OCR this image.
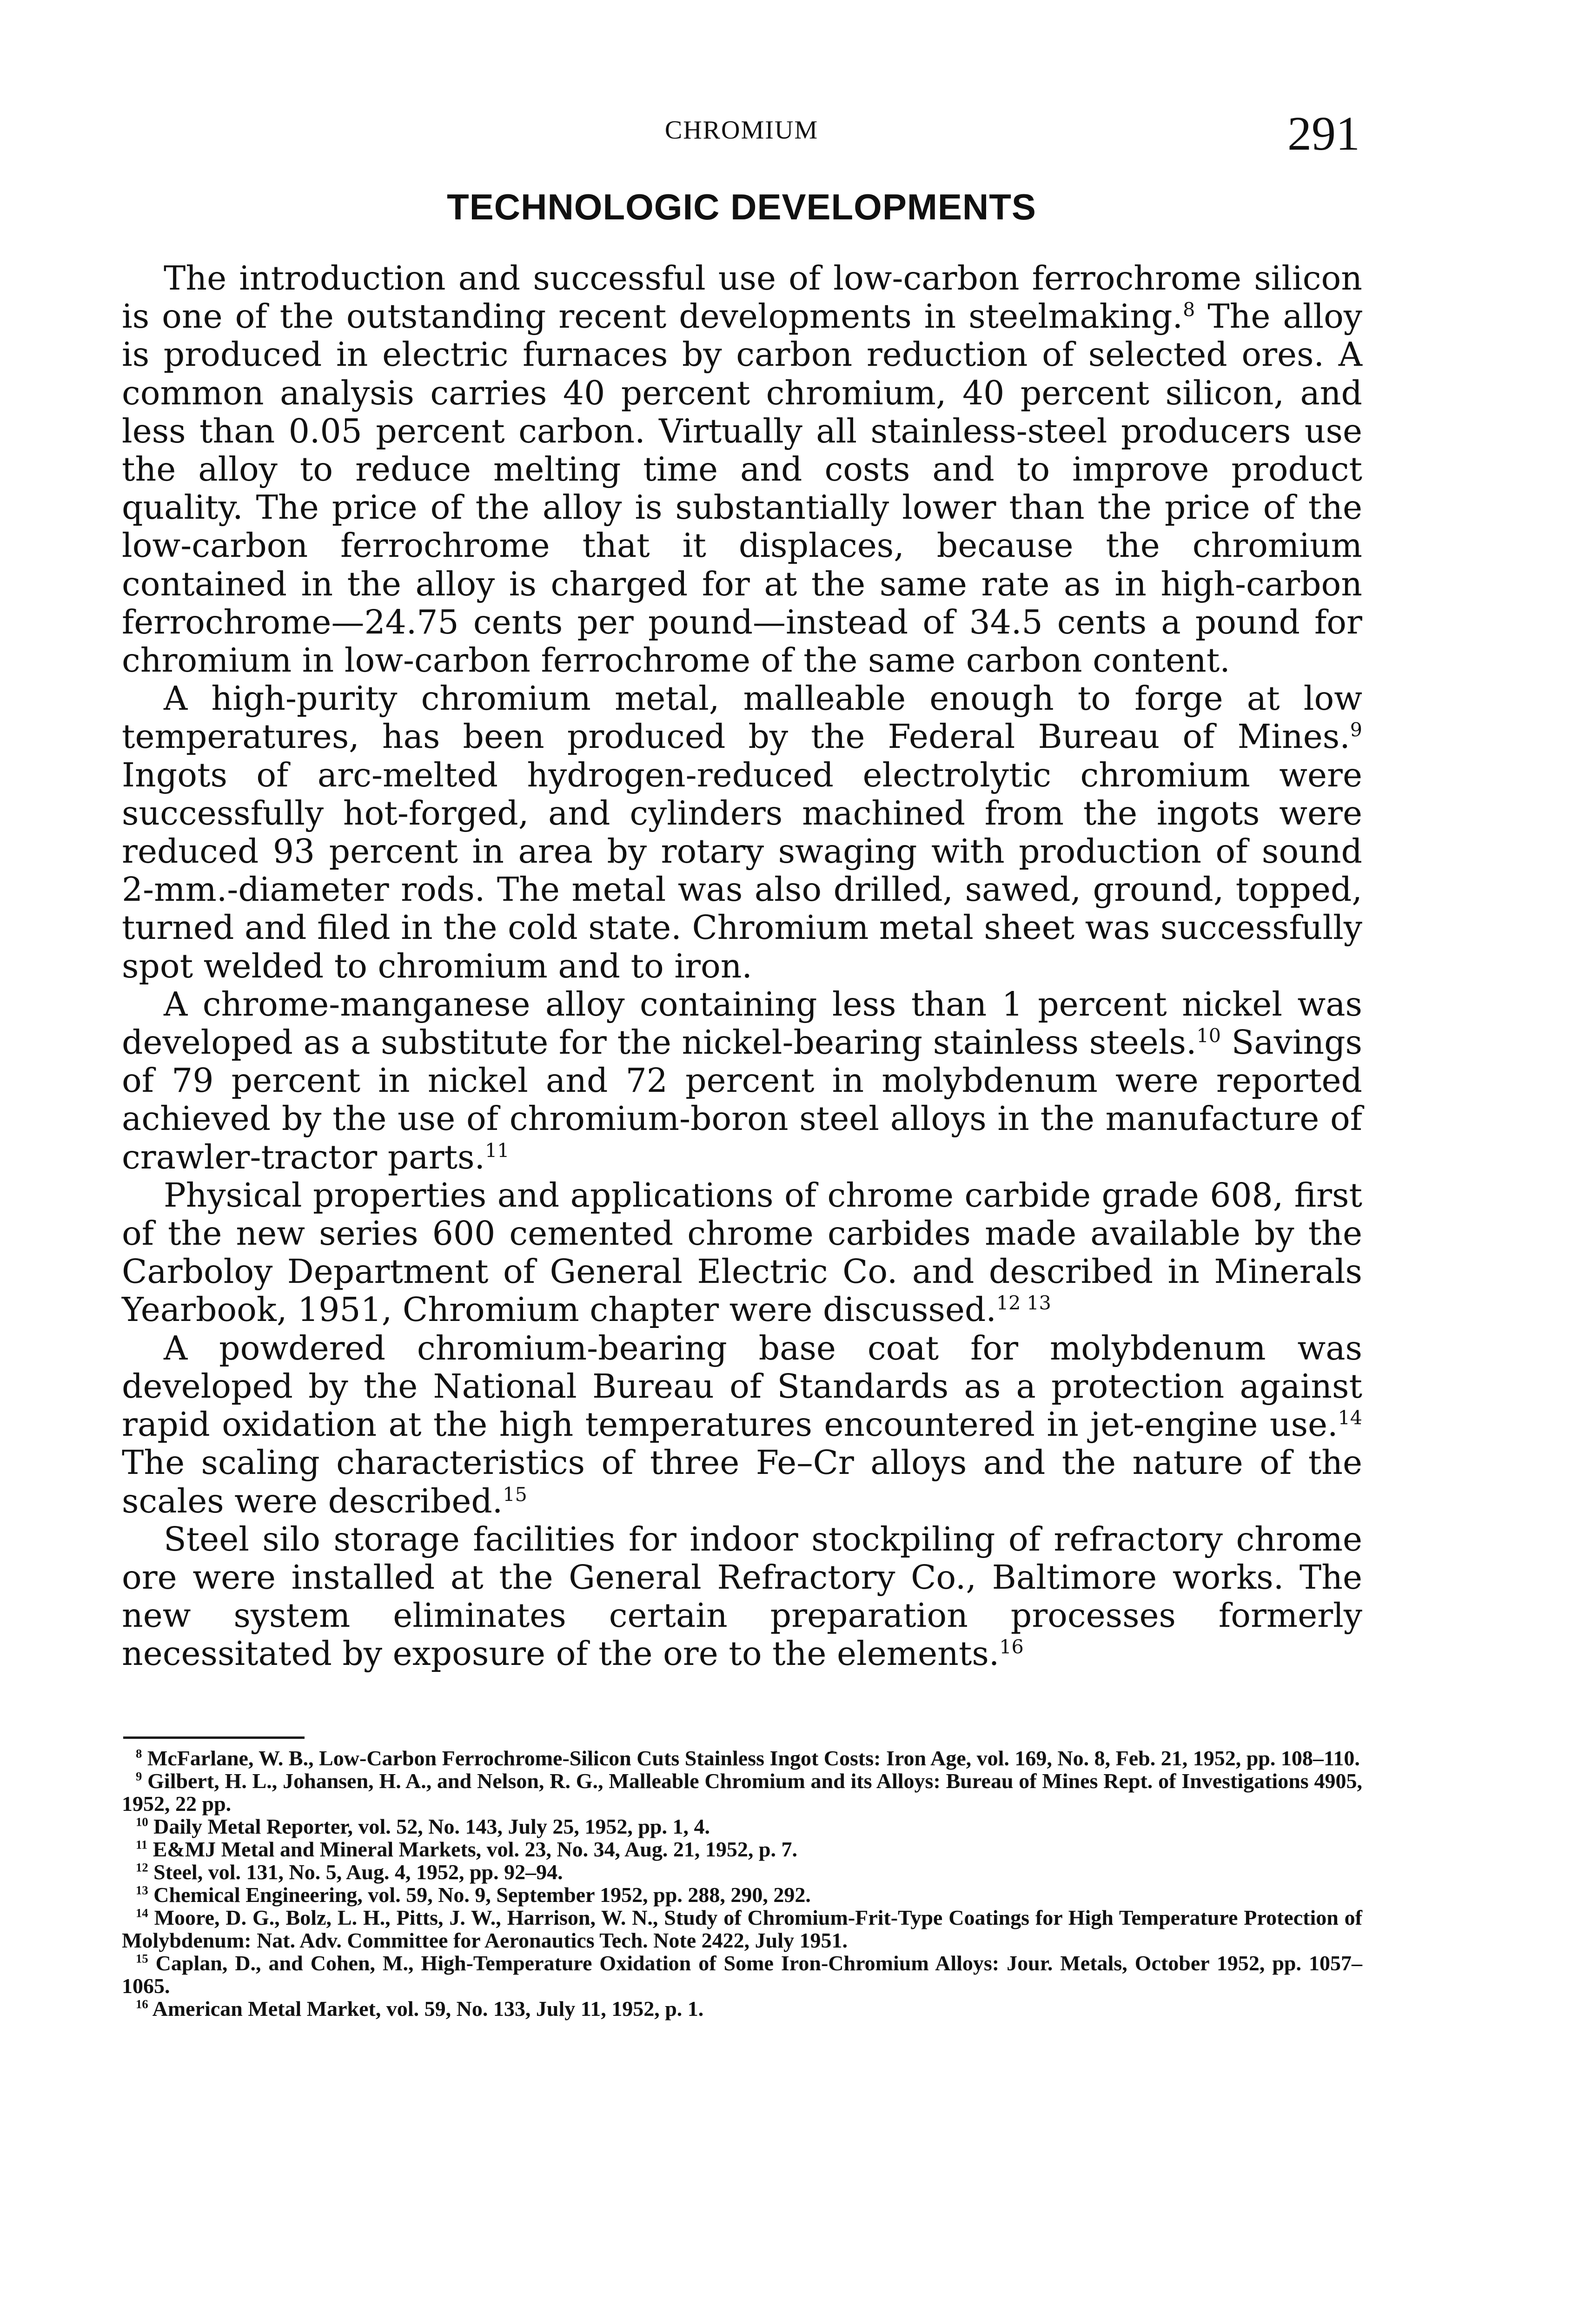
CHROMIUM	291
TECHNOLOGIC DEVELOPMENTS

The introduction and successful use of low-carbon ferrochrome silicon is one of the outstanding recent developments in steelmaking.$^8$ The alloy is produced in electric furnaces by carbon reduction of selected ores. A common analysis carries 40 percent chromium, 40 percent silicon, and less than 0.05 percent carbon. Virtually all stainless-steel producers use the alloy to reduce melting time and costs and to improve product quality. The price of the alloy is substantially lower than the price of the low-carbon ferrochrome that it displaces, because the chromium contained in the alloy is charged for at the same rate as in high-carbon ferrochrome—24.75 cents per pound—instead of 34.5 cents a pound for chromium in low-carbon ferrochrome of the same carbon content.

A high-purity chromium metal, malleable enough to forge at low temperatures, has been produced by the Federal Bureau of Mines.$^9$ Ingots of arc-melted hydrogen-reduced electrolytic chromium were successfully hot-forged, and cylinders machined from the ingots were reduced 93 percent in area by rotary swaging with production of sound 2-mm.-diameter rods. The metal was also drilled, sawed, ground, topped, turned and filed in the cold state. Chromium metal sheet was successfully spot welded to chromium and to iron.

A chrome-manganese alloy containing less than 1 percent nickel was developed as a substitute for the nickel-bearing stainless steels.$^{10}$ Savings of 79 percent in nickel and 72 percent in molybdenum were reported achieved by the use of chromium-boron steel alloys in the manufacture of crawler-tractor parts.$^{11}$

Physical properties and applications of chrome carbide grade 608, first of the new series 600 cemented chrome carbides made available by the Carboloy Department of General Electric Co. and described in Minerals Yearbook, 1951, Chromium chapter were discussed.$^{12 13}$

A powdered chromium-bearing base coat for molybdenum was developed by the National Bureau of Standards as a protection against rapid oxidation at the high temperatures encountered in jet-engine use.$^{14}$ The scaling characteristics of three Fe–Cr alloys and the nature of the scales were described.$^{15}$

Steel silo storage facilities for indoor stockpiling of refractory chrome ore were installed at the General Refractory Co., Baltimore works. The new system eliminates certain preparation processes formerly necessitated by exposure of the ore to the elements.$^{16}$

$^8$ McFarlane, W. B., Low-Carbon Ferrochrome-Silicon Cuts Stainless Ingot Costs: Iron Age, vol. 169, No. 8, Feb. 21, 1952, pp. 108–110.

$^9$ Gilbert, H. L., Johansen, H. A., and Nelson, R. G., Malleable Chromium and its Alloys: Bureau of Mines Rept. of Investigations 4905, 1952, 22 pp.

$^{10}$ Daily Metal Reporter, vol. 52, No. 143, July 25, 1952, pp. 1, 4.

$^{11}$ E&MJ Metal and Mineral Markets, vol. 23, No. 34, Aug. 21, 1952, p. 7.

$^{12}$ Steel, vol. 131, No. 5, Aug. 4, 1952, pp. 92–94.

$^{13}$ Chemical Engineering, vol. 59, No. 9, September 1952, pp. 288, 290, 292.

$^{14}$ Moore, D. G., Bolz, L. H., Pitts, J. W., Harrison, W. N., Study of Chromium-Frit-Type Coatings for High Temperature Protection of Molybdenum: Nat. Adv. Committee for Aeronautics Tech. Note 2422, July 1951.

$^{15}$ Caplan, D., and Cohen, M., High-Temperature Oxidation of Some Iron-Chromium Alloys: Jour. Metals, October 1952, pp. 1057–1065.

$^{16}$ American Metal Market, vol. 59, No. 133, July 11, 1952, p. 1.
